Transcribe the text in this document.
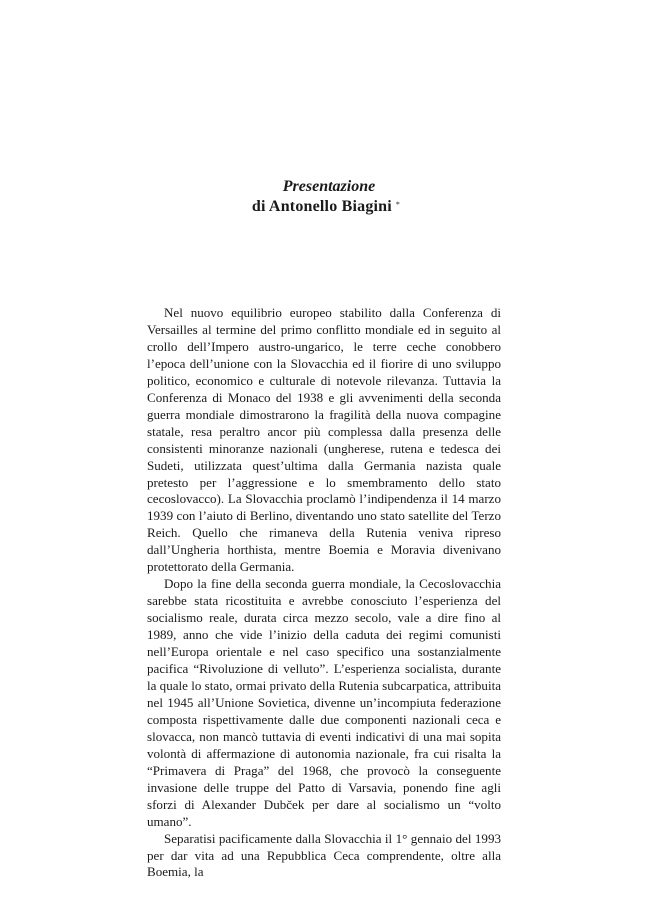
Presentazione

di Antonello Biagini *

Nel nuovo equilibrio europeo stabilito dalla Conferenza di Versailles al termine del primo conflitto mondiale ed in seguito al crollo dell’Impero austro-ungarico, le terre ceche conobbero l’epoca dell’unione con la Slovacchia ed il fiorire di uno sviluppo politico, economico e culturale di notevole rilevanza. Tuttavia la Conferenza di Monaco del 1938 e gli avvenimenti della seconda guerra mondiale dimostrarono la fragilità della nuova compagine statale, resa peraltro ancor più complessa dalla presenza delle consistenti minoranze nazionali (ungherese, rutena e tedesca dei Sudeti, utilizzata quest’ultima dalla Germania nazista quale pretesto per l’aggressione e lo smembramento dello stato cecoslovacco). La Slovacchia proclamò l’indipendenza il 14 marzo 1939 con l’aiuto di Berlino, diventando uno stato satellite del Terzo Reich. Quello che rimaneva della Rutenia veniva ripreso dall’Ungheria horthista, mentre Boemia e Moravia divenivano protettorato della Germania.

Dopo la fine della seconda guerra mondiale, la Cecoslovacchia sarebbe stata ricostituita e avrebbe conosciuto l’esperienza del socialismo reale, durata circa mezzo secolo, vale a dire fino al 1989, anno che vide l’inizio della caduta dei regimi comunisti nell’Europa orientale e nel caso specifico una sostanzialmente pacifica “Rivoluzione di velluto”. L’esperienza socialista, durante la quale lo stato, ormai privato della Rutenia subcarpatica, attribuita nel 1945 all’Unione Sovietica, divenne un’incompiuta federazione composta rispettivamente dalle due componenti nazionali ceca e slovacca, non mancò tuttavia di eventi indicativi di una mai sopita volontà di affermazione di autonomia nazionale, fra cui risalta la “Primavera di Praga” del 1968, che provocò la conseguente invasione delle truppe del Patto di Varsavia, ponendo fine agli sforzi di Alexander Dubček per dare al socialismo un “volto umano”.

Separatisi pacificamente dalla Slovacchia il 1° gennaio del 1993 per dar vita ad una Repubblica Ceca comprendente, oltre alla Boemia, la
